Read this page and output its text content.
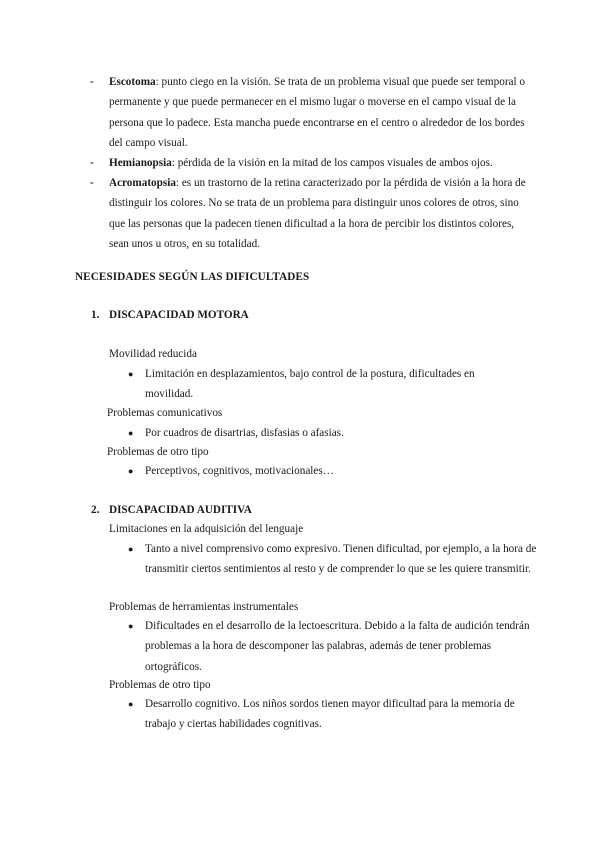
- Escotoma: punto ciego en la visión. Se trata de un problema visual que puede ser temporal o permanente y que puede permanecer en el mismo lugar o moverse en el campo visual de la persona que lo padece. Esta mancha puede encontrarse en el centro o alrededor de los bordes del campo visual.
- Hemianopsia: pérdida de la visión en la mitad de los campos visuales de ambos ojos.
- Acromatopsia: es un trastorno de la retina caracterizado por la pérdida de visión a la hora de distinguir los colores. No se trata de un problema para distinguir unos colores de otros, sino que las personas que la padecen tienen dificultad a la hora de percibir los distintos colores, sean unos u otros, en su totalidad.

NECESIDADES SEGÚN LAS DIFICULTADES

1. DISCAPACIDAD MOTORA

Movilidad reducida

● Limitación en desplazamientos, bajo control de la postura, dificultades en movilidad.

Problemas comunicativos

● Por cuadros de disartrias, disfasias o afasias.

Problemas de otro tipo

● Perceptivos, cognitivos, motivacionales…

2. DISCAPACIDAD AUDITIVA

Limitaciones en la adquisición del lenguaje

● Tanto a nivel comprensivo como expresivo. Tienen dificultad, por ejemplo, a la hora de transmitir ciertos sentimientos al resto y de comprender lo que se les quiere transmitir.

Problemas de herramientas instrumentales

● Dificultades en el desarrollo de la lectoescritura. Debido a la falta de audición tendrán problemas a la hora de descomponer las palabras, además de tener problemas ortográficos.

Problemas de otro tipo

● Desarrollo cognitivo. Los niños sordos tienen mayor dificultad para la memoria de trabajo y ciertas habilidades cognitivas.
